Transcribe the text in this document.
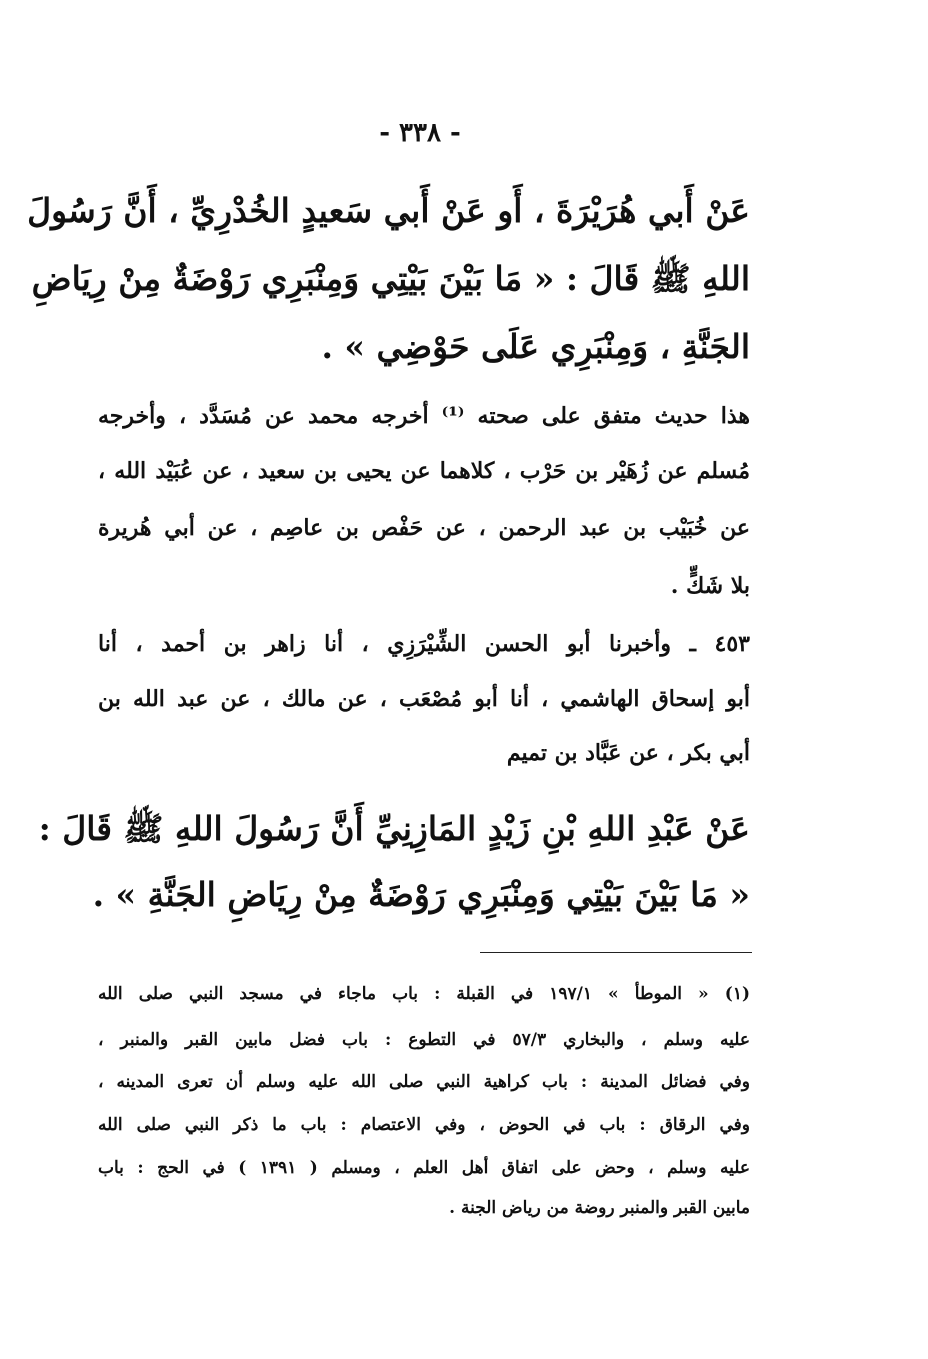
- ٣٣٨ -
عَنْ أَبي هُرَيْرَةَ ، أَو عَنْ أَبي سَعيدٍ الخُدْرِيِّ ، أَنَّ رَسُولَ
اللهِ ﷺ قَالَ : « مَا بَيْنَ بَيْتِي وَمِنْبَرِي رَوْضَةٌ مِنْ رِيَاضِ
الجَنَّةِ ، وَمِنْبَرِي عَلَى حَوْضِي » .
هذا حديث متفق على صحته ⁽¹⁾ أخرجه محمد عن مُسَدَّد ، وأخرجه
مُسلم عن زُهَيْر بن حَرْب ، كلاهما عن يحيى بن سعيد ، عن عُبَيْد الله ،
عن خُبَيْب بن عبد الرحمن ، عن حَفْص بن عاصِم ، عن أبي هُريرة
بلا شَكٍّ .
٤٥٣ ـ وأخبرنا أبو الحسن الشِّيْرَزِي ، أنا زاهر بن أحمد ، أنا
أبو إسحاق الهاشمي ، أنا أبو مُصْعَب ، عن مالك ، عن عبد الله بن
أبي بكر ، عن عَبَّاد بن تميم
عَنْ عَبْدِ اللهِ بْنِ زَيْدٍ المَازِنِيِّ أَنَّ رَسُولَ اللهِ ﷺ قَالَ :
« مَا بَيْنَ بَيْتِي وَمِنْبَرِي رَوْضَةٌ مِنْ رِيَاضِ الجَنَّةِ » .
(١) « الموطأ » ١٩٧/١ في القبلة : باب ماجاء في مسجد النبي صلى الله
عليه وسلم ، والبخاري ٥٧/٣ في التطوع : باب فضل مابين القبر والمنبر ،
وفي فضائل المدينة : باب كراهية النبي صلى الله عليه وسلم أن تعرى المدينه ،
وفي الرقاق : باب في الحوض ، وفي الاعتصام : باب ما ذكر النبي صلى الله
عليه وسلم ، وحض على اتفاق أهل العلم ، ومسلم ( ١٣٩١ ) في الحج : باب
مابين القبر والمنبر روضة من رياض الجنة .
